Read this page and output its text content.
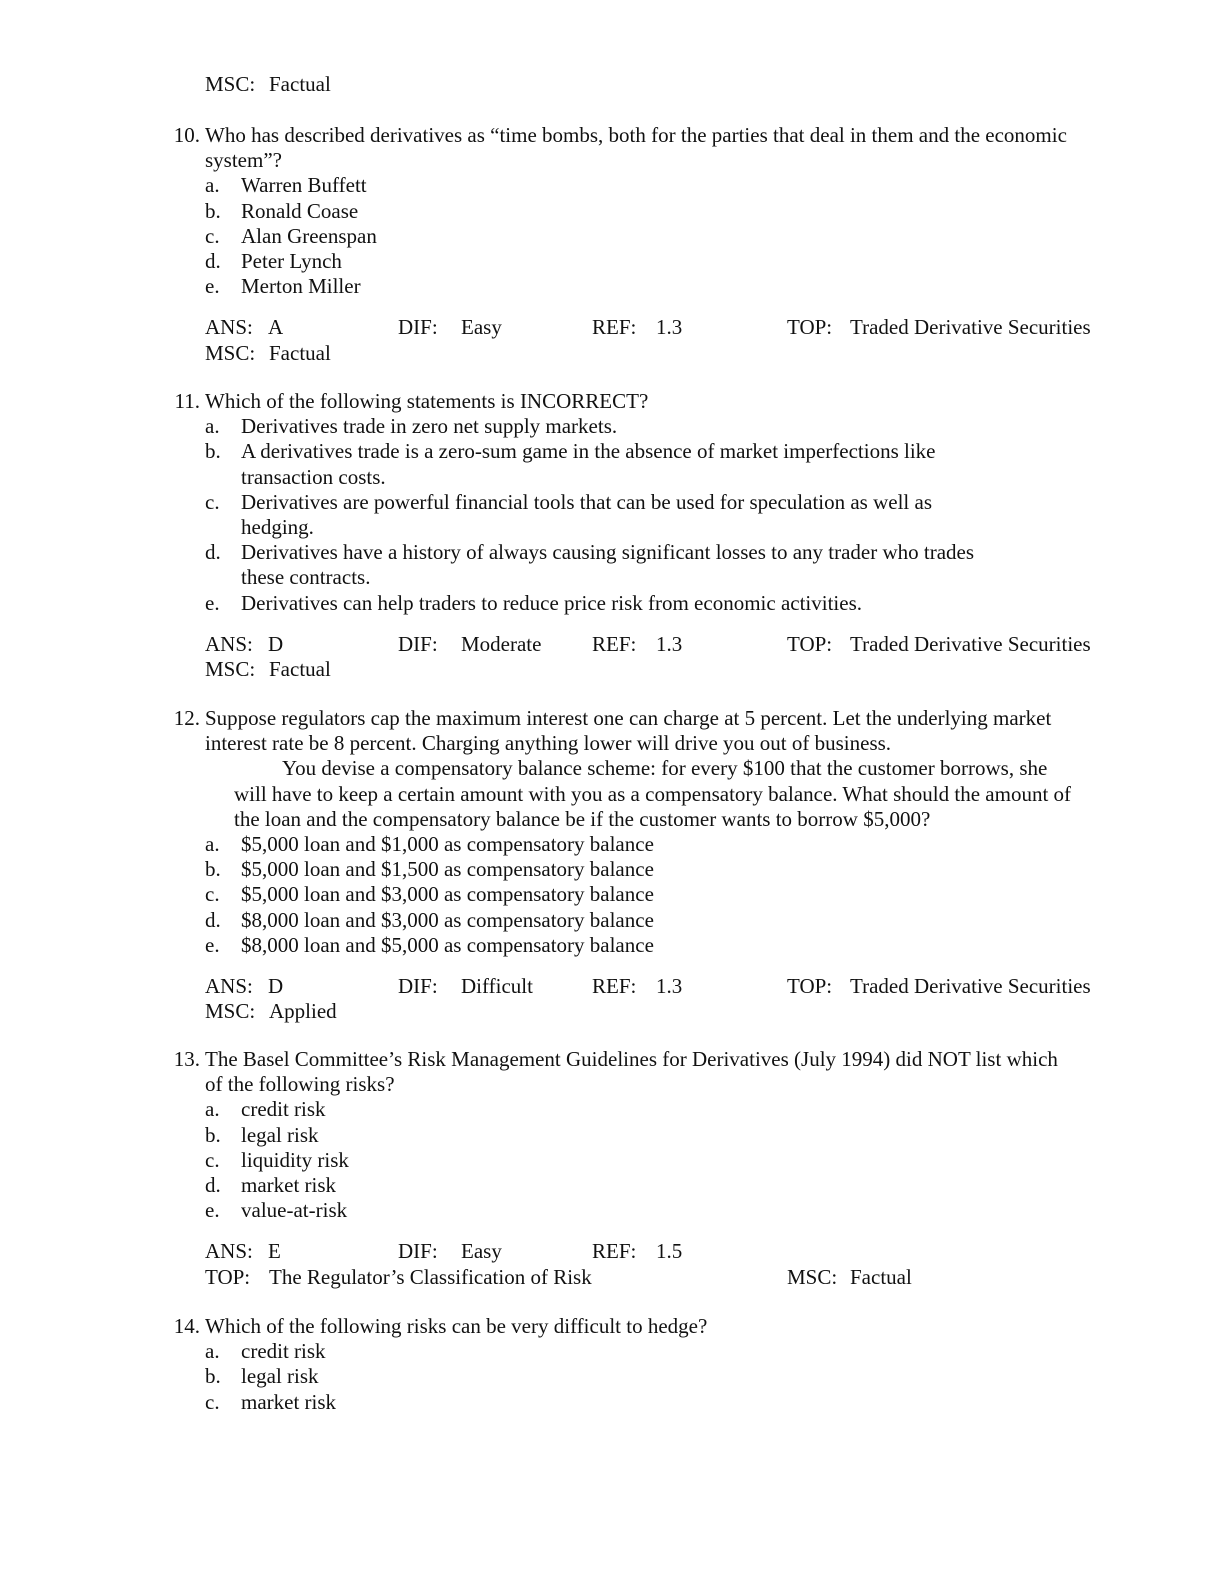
MSC: Factual
10. Who has described derivatives as “time bombs, both for the parties that deal in them and the economic
system”?
a.	Warren Buffett
b. Ronald Coase
c.	Alan Greenspan
d. Peter Lynch
e.	Merton Miller
ANS: A	DIF: Easy	REF: 1.3	TOP: Traded Derivative Securities
MSC: Factual
11. Which of the following statements is INCORRECT?
a.	Derivatives trade in zero net supply markets.
b. A derivatives trade is a zero-sum game in the absence of market imperfections like
transaction costs.
c.	Derivatives are powerful financial tools that can be used for speculation as well as
hedging.
d. Derivatives have a history of always causing significant losses to any trader who trades
these contracts.
e.	Derivatives can help traders to reduce price risk from economic activities.
ANS: D	DIF: Moderate REF: 1.3	TOP: Traded Derivative Securities
MSC: Factual
12. Suppose regulators cap the maximum interest one can charge at 5 percent. Let the underlying market
interest rate be 8 percent. Charging anything lower will drive you out of business.
You devise a compensatory balance scheme: for every $100 that the customer borrows, she
will have to keep a certain amount with you as a compensatory balance. What should the amount of
the loan and the compensatory balance be if the customer wants to borrow $5,000?
a.	$5,000 loan and $1,000 as compensatory balance
b. $5,000 loan and $1,500 as compensatory balance
c.	$5,000 loan and $3,000 as compensatory balance
d. $8,000 loan and $3,000 as compensatory balance
e.	$8,000 loan and $5,000 as compensatory balance
ANS: D	DIF: Difficult	REF: 1.3	TOP: Traded Derivative Securities
MSC: Applied
13. The Basel Committee’s Risk Management Guidelines for Derivatives (July 1994) did NOT list which
of the following risks?
a.	credit risk
b. legal risk
c.	liquidity risk
d. market risk
e.	value-at-risk
ANS: E	DIF: Easy	REF: 1.5
TOP: The Regulator’s Classification of Risk	MSC: Factual
14. Which of the following risks can be very difficult to hedge?
a.	credit risk
b. legal risk
c.	market risk
